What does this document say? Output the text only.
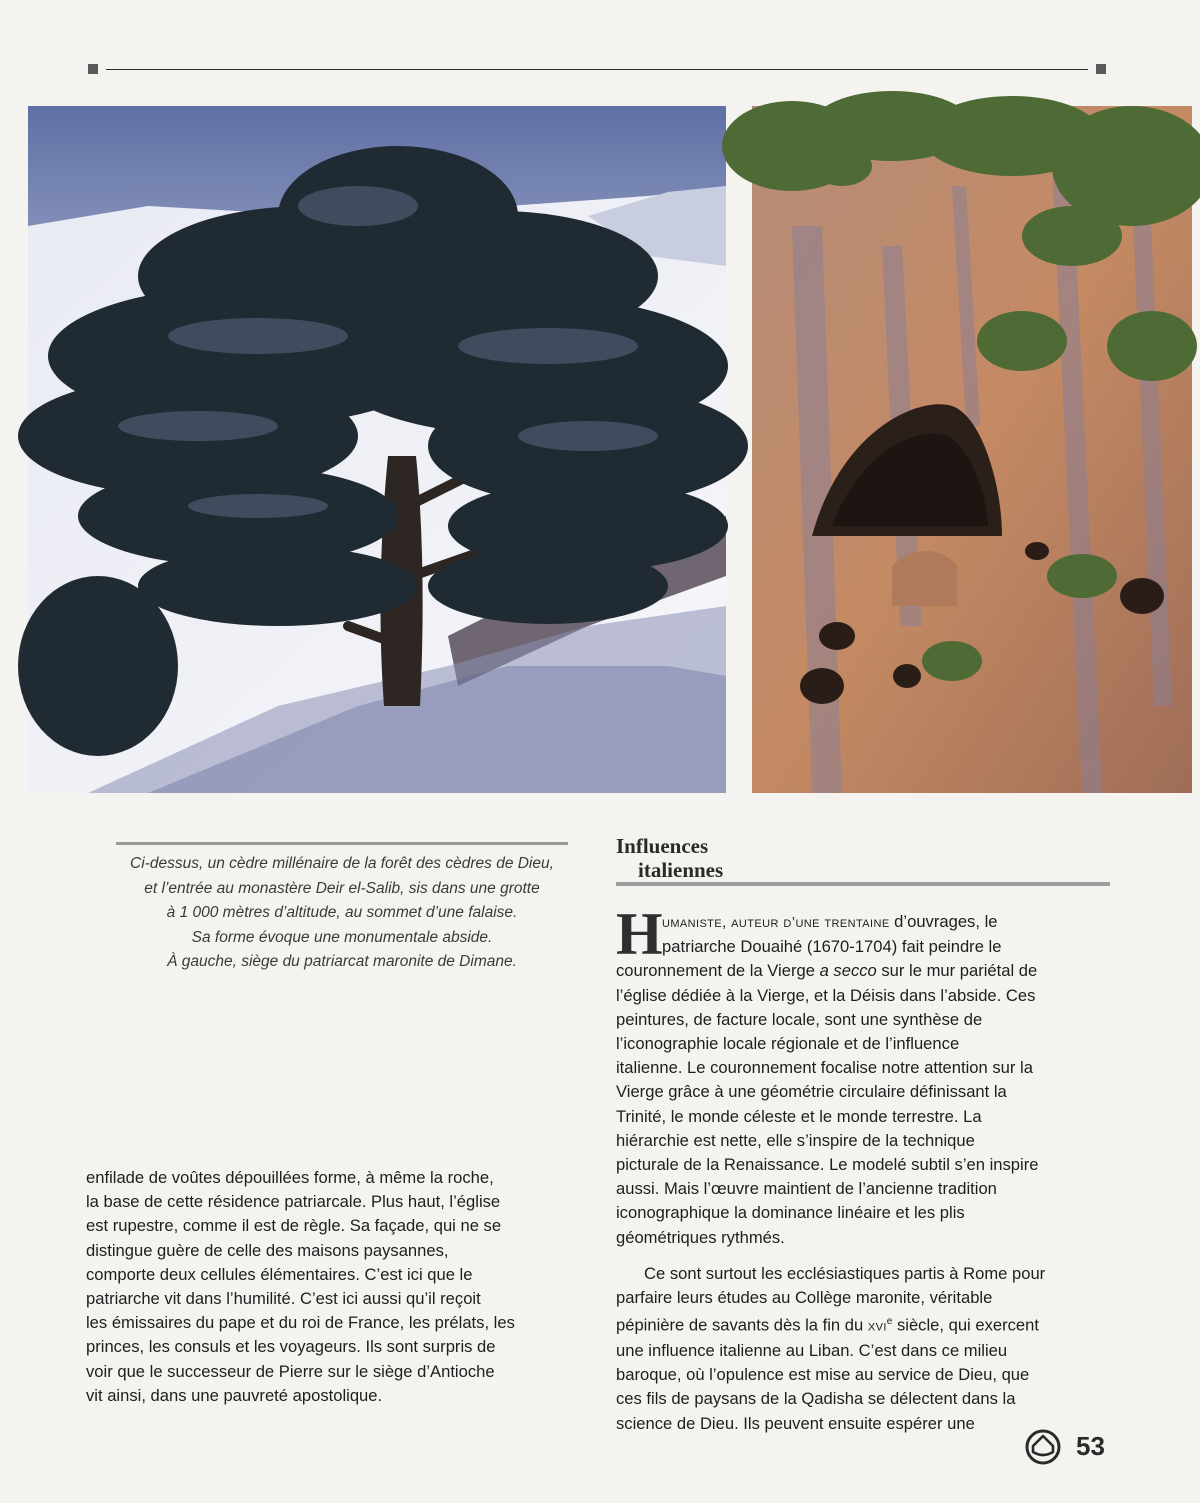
Ci-dessus, un cèdre millénaire de la forêt des cèdres de Dieu,
et l’entrée au monastère Deir el-Salib, sis dans une grotte
à 1 000 mètres d’altitude, au sommet d’une falaise.
Sa forme évoque une monumentale abside.
À gauche, siège du patriarcat maronite de Dimane.
enfilade de voûtes dépouillées forme, à même la roche,
la base de cette résidence patriarcale. Plus haut, l’église
est rupestre, comme il est de règle. Sa façade, qui ne se
distingue guère de celle des maisons paysannes,
comporte deux cellules élémentaires. C’est ici que le
patriarche vit dans l’humilité. C’est ici aussi qu’il reçoit
les émissaires du pape et du roi de France, les prélats, les
princes, les consuls et les voyageurs. Ils sont surpris de
voir que le successeur de Pierre sur le siège d’Antioche
vit ainsi, dans une pauvreté apostolique.
Influences
italiennes
H umaniste, auteur d’une trentaine d’ouvrages, le
patriarche Douaihé (1670-1704) fait peindre le
couronnement de la Vierge a secco sur le mur pariétal de
l’église dédiée à la Vierge, et la Déisis dans l’abside. Ces
peintures, de facture locale, sont une synthèse de
l’iconographie locale régionale et de l’influence
italienne. Le couronnement focalise notre attention sur la
Vierge grâce à une géométrie circulaire définissant la
Trinité, le monde céleste et le monde terrestre. La
hiérarchie est nette, elle s’inspire de la technique
picturale de la Renaissance. Le modelé subtil s’en inspire
aussi. Mais l’œuvre maintient de l’ancienne tradition
iconographique la dominance linéaire et les plis
géométriques rythmés.
Ce sont surtout les ecclésiastiques partis à Rome pour
parfaire leurs études au Collège maronite, véritable
pépinière de savants dès la fin du xvi$^e$ siècle, qui exercent
une influence italienne au Liban. C’est dans ce milieu
baroque, où l’opulence est mise au service de Dieu, que
ces fils de paysans de la Qadisha se délectent dans la
science de Dieu. Ils peuvent ensuite espérer une
53
